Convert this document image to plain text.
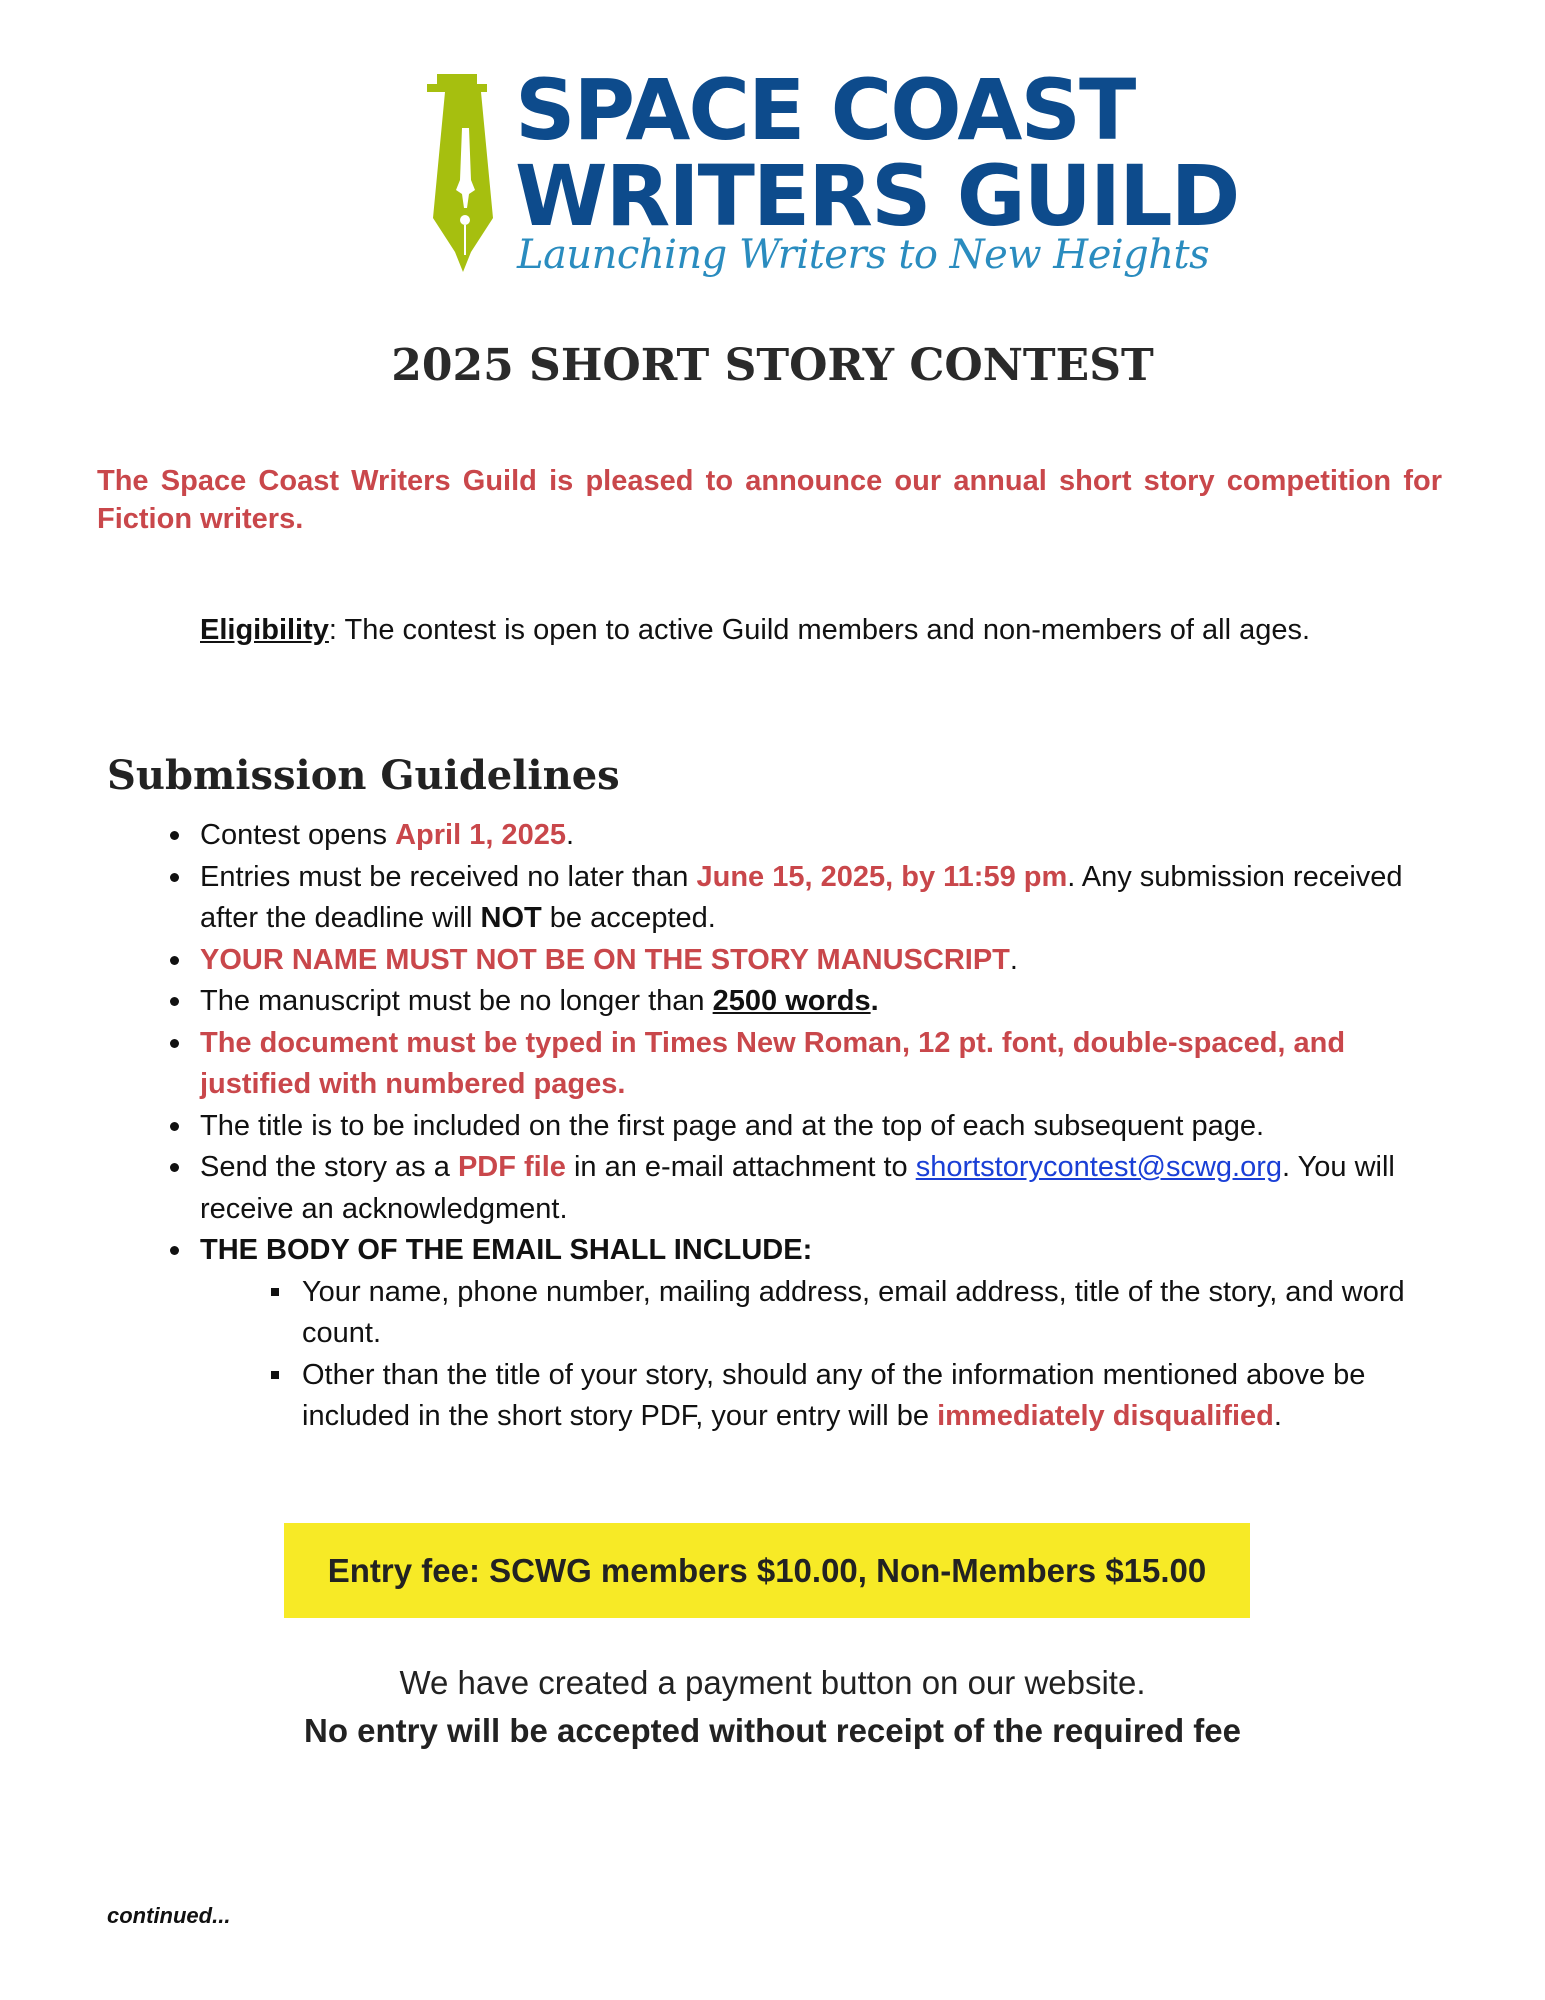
SPACE COAST
WRITERS GUILD
Launching Writers to New Heights
2025 SHORT STORY CONTEST
The Space Coast Writers Guild is pleased to announce our annual short story competition for Fiction writers.
Eligibility: The contest is open to active Guild members and non-members of all ages.
Submission Guidelines
Contest opens April 1, 2025.
Entries must be received no later than June 15, 2025, by 11:59 pm. Any submission received after the deadline will NOT be accepted.
YOUR NAME MUST NOT BE ON THE STORY MANUSCRIPT.
The manuscript must be no longer than 2500 words.
The document must be typed in Times New Roman, 12 pt. font, double-spaced, and justified with numbered pages.
The title is to be included on the first page and at the top of each subsequent page.
Send the story as a PDF file in an e-mail attachment to shortstorycontest@scwg.org. You will receive an acknowledgment.
THE BODY OF THE EMAIL SHALL INCLUDE:
Your name, phone number, mailing address, email address, title of the story, and word count.
Other than the title of your story, should any of the information mentioned above be included in the short story PDF, your entry will be immediately disqualified.
Entry fee: SCWG members $10.00, Non-Members $15.00
We have created a payment button on our website.
No entry will be accepted without receipt of the required fee
continued...
